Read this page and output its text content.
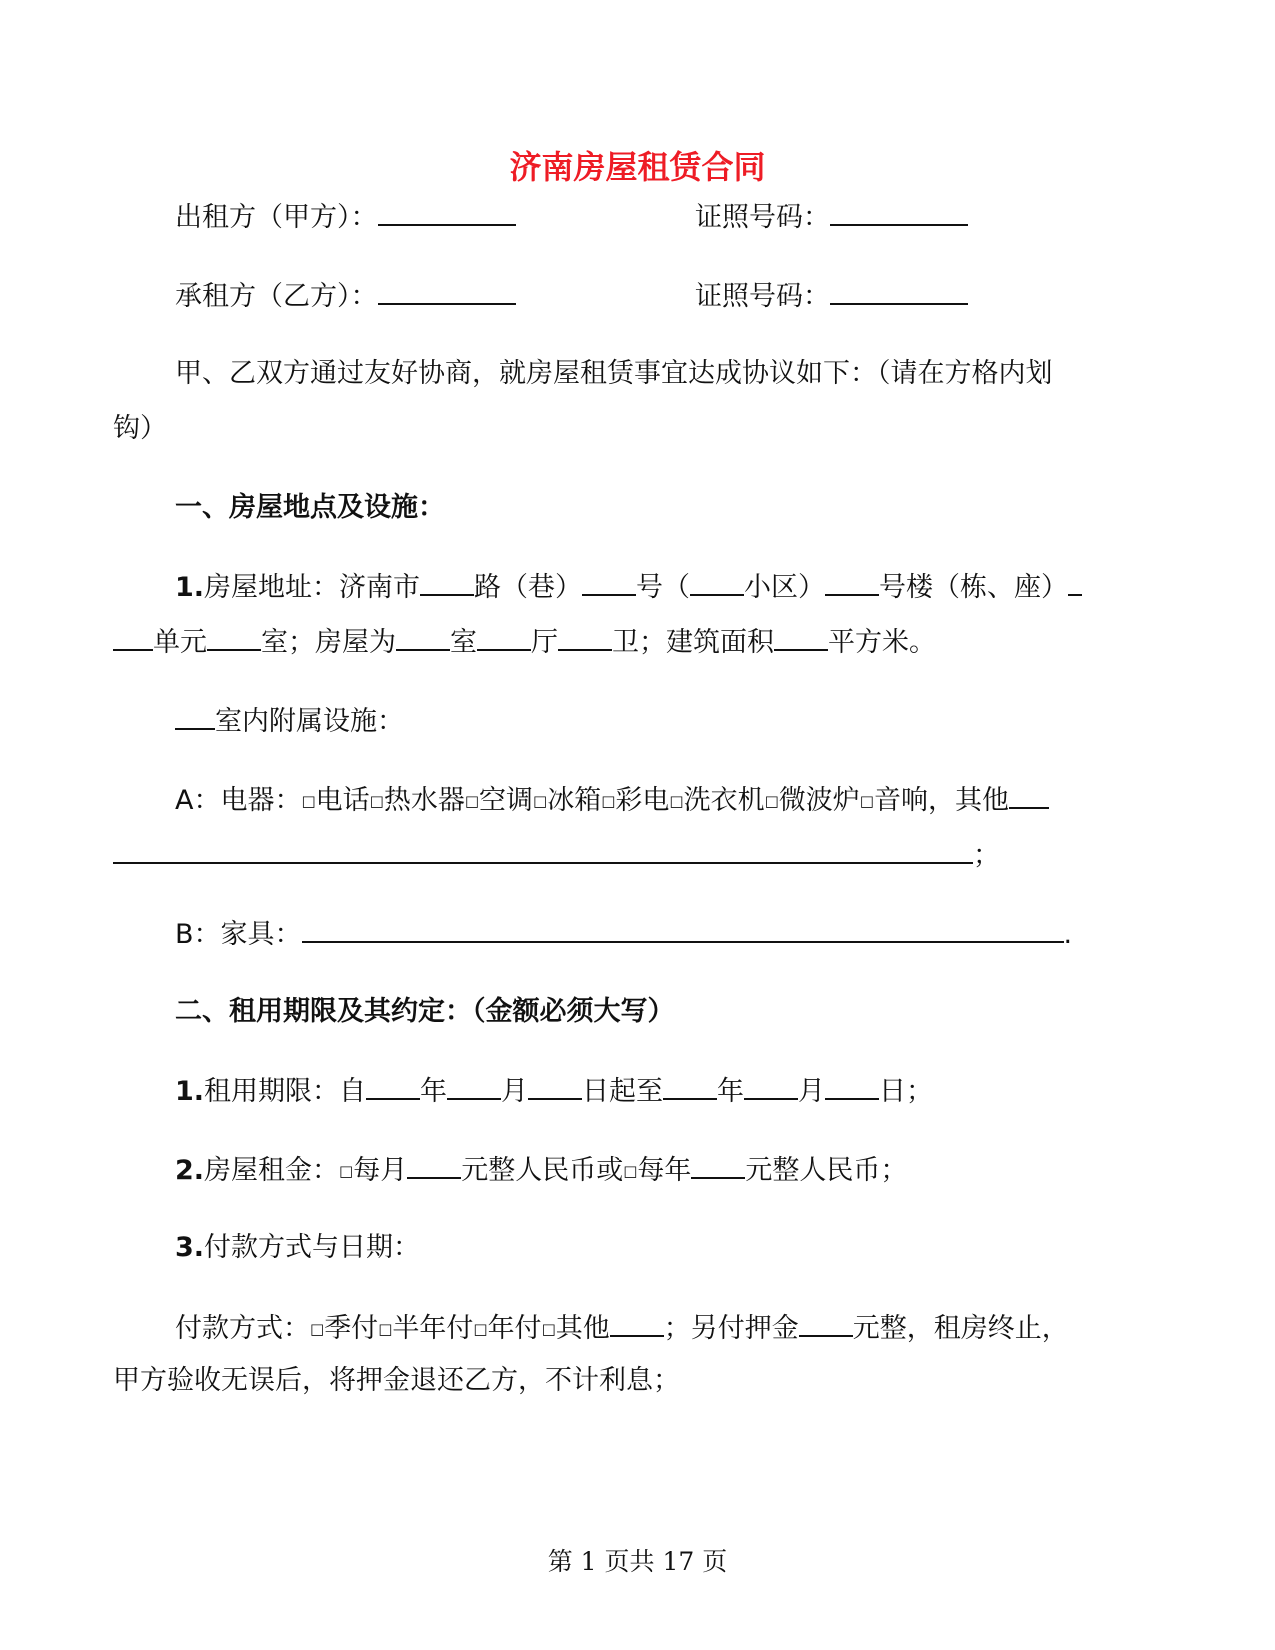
济南房屋租赁合同
出租方（甲方）：	证照号码：
承租方（乙方）：	证照号码：
甲、乙双方通过友好协商，就房屋租赁事宜达成协议如下：（请在方格内划
钩）
一、房屋地点及设施：
1.房屋地址：济南市 路（巷） 号（ 小区） 号楼（栋、座）
单元 室；房屋为 室 厅 卫；建筑面积 平方米。
室内附属设施：
A：电器：□电话□热水器□空调□冰箱□彩电□洗衣机□微波炉□音响，其他
；
B：家具：	.
二、租用期限及其约定：（金额必须大写）
1.租用期限：自 年 月 日起至 年 月 日；
2.房屋租金：□每月 元整人民币或□每年 元整人民币；
3.付款方式与日期：
付款方式：□季付□半年付□年付□其他 ；另付押金 元整，租房终止，
甲方验收无误后，将押金退还乙方，不计利息；
第 1 页共 17 页
